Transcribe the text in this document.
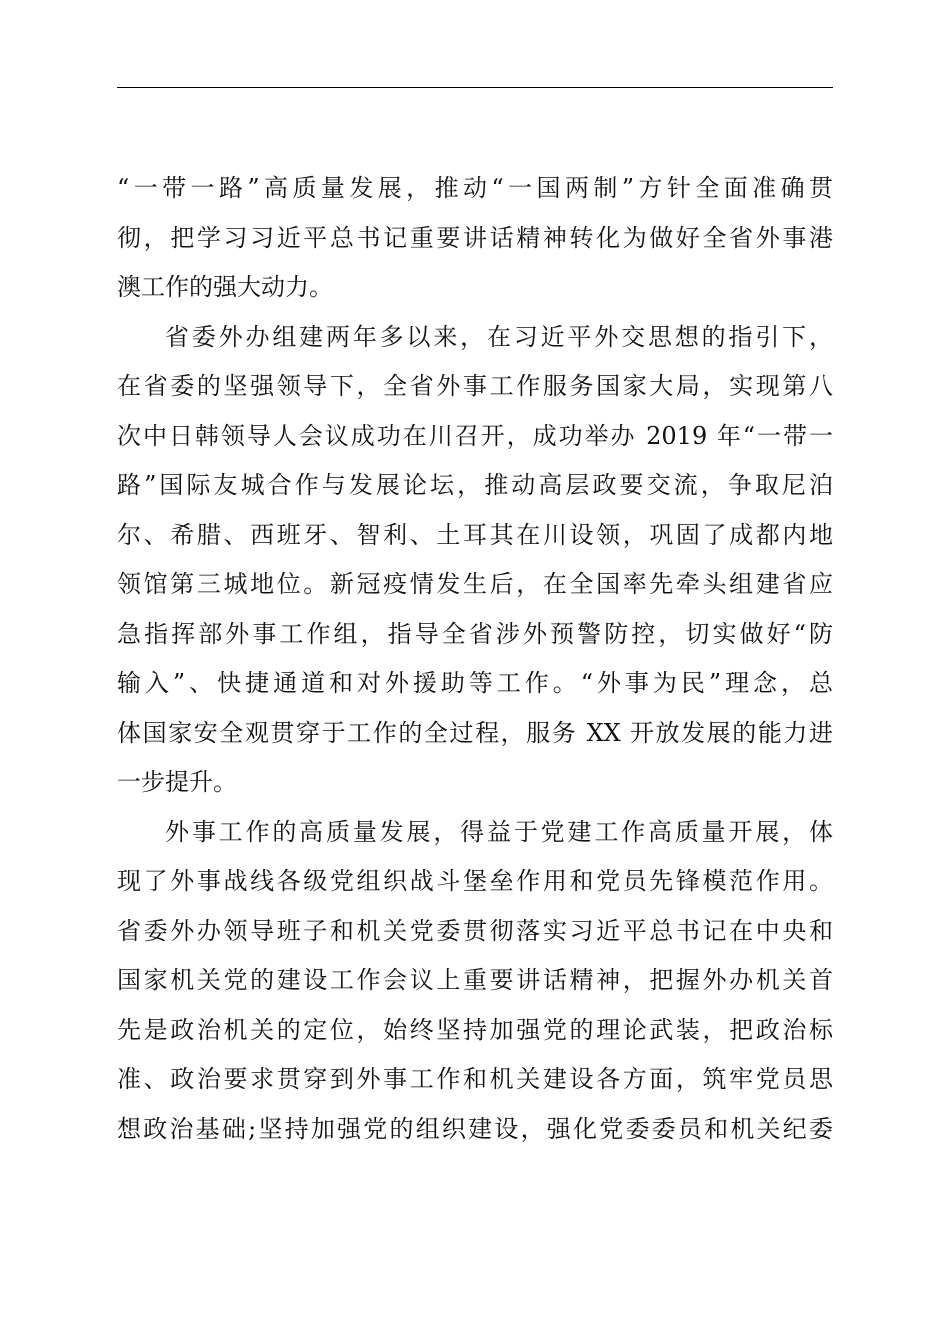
“一带一路”高质量发展，推动“一国两制”方针全面准确贯
彻，把学习习近平总书记重要讲话精神转化为做好全省外事港
澳工作的强大动力。
省委外办组建两年多以来，在习近平外交思想的指引下，
在省委的坚强领导下，全省外事工作服务国家大局，实现第八
次中日韩领导人会议成功在川召开，成功举办 2019 年“一带一
路”国际友城合作与发展论坛，推动高层政要交流，争取尼泊
尔、希腊、西班牙、智利、土耳其在川设领，巩固了成都内地
领馆第三城地位。新冠疫情发生后，在全国率先牵头组建省应
急指挥部外事工作组，指导全省涉外预警防控，切实做好“防
输入”、快捷通道和对外援助等工作。“外事为民”理念，总
体国家安全观贯穿于工作的全过程，服务 XX 开放发展的能力进
一步提升。
外事工作的高质量发展，得益于党建工作高质量开展，体
现了外事战线各级党组织战斗堡垒作用和党员先锋模范作用。
省委外办领导班子和机关党委贯彻落实习近平总书记在中央和
国家机关党的建设工作会议上重要讲话精神，把握外办机关首
先是政治机关的定位，始终坚持加强党的理论武装，把政治标
准、政治要求贯穿到外事工作和机关建设各方面，筑牢党员思
想政治基础;坚持加强党的组织建设，强化党委委员和机关纪委
